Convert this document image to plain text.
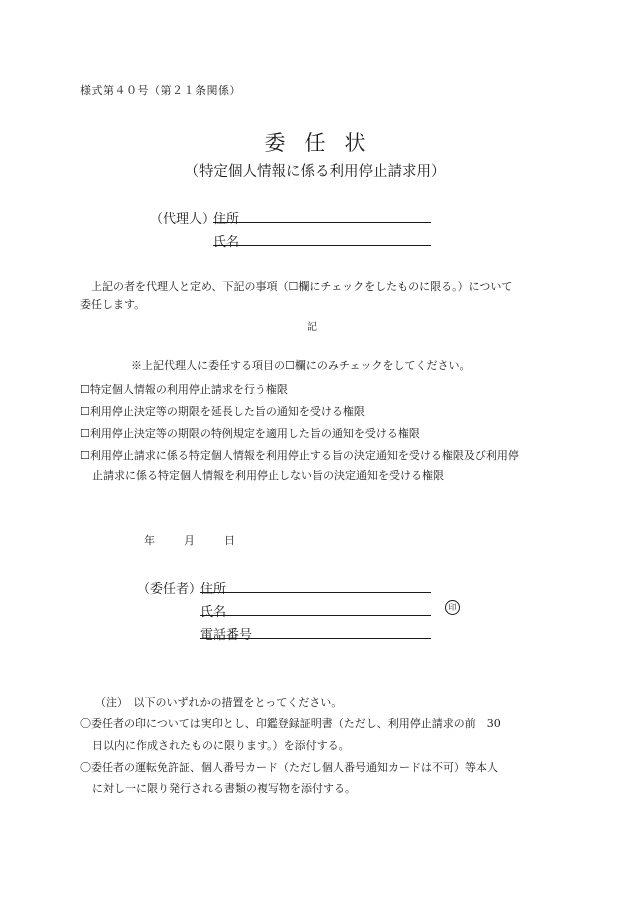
様式第４０号（第２１条関係）
委任状
（特定個人情報に係る利用停止請求用）
（代理人）
住所
氏名
上記の者を代理人と定め、下記の事項（☐欄にチェックをしたものに限る。）について
委任します。
記
※上記代理人に委任する項目の☐欄にのみチェックをしてください。
☐特定個人情報の利用停止請求を行う権限
☐利用停止決定等の期限を延長した旨の通知を受ける権限
☐利用停止決定等の期限の特例規定を適用した旨の通知を受ける権限
☐利用停止請求に係る特定個人情報を利用停止する旨の決定通知を受ける権限及び利用停
止請求に係る特定個人情報を利用停止しない旨の決定通知を受ける権限
年	月	日
（委任者）
住所
氏名	印
電話番号
（注）　以下のいずれかの措置をとってください。
〇委任者の印については実印とし、印鑑登録証明書（ただし、利用停止請求の前　30
日以内に作成されたものに限ります。）を添付する。
〇委任者の運転免許証、個人番号カード（ただし個人番号通知カードは不可）等本人
に対し一に限り発行される書類の複写物を添付する。
